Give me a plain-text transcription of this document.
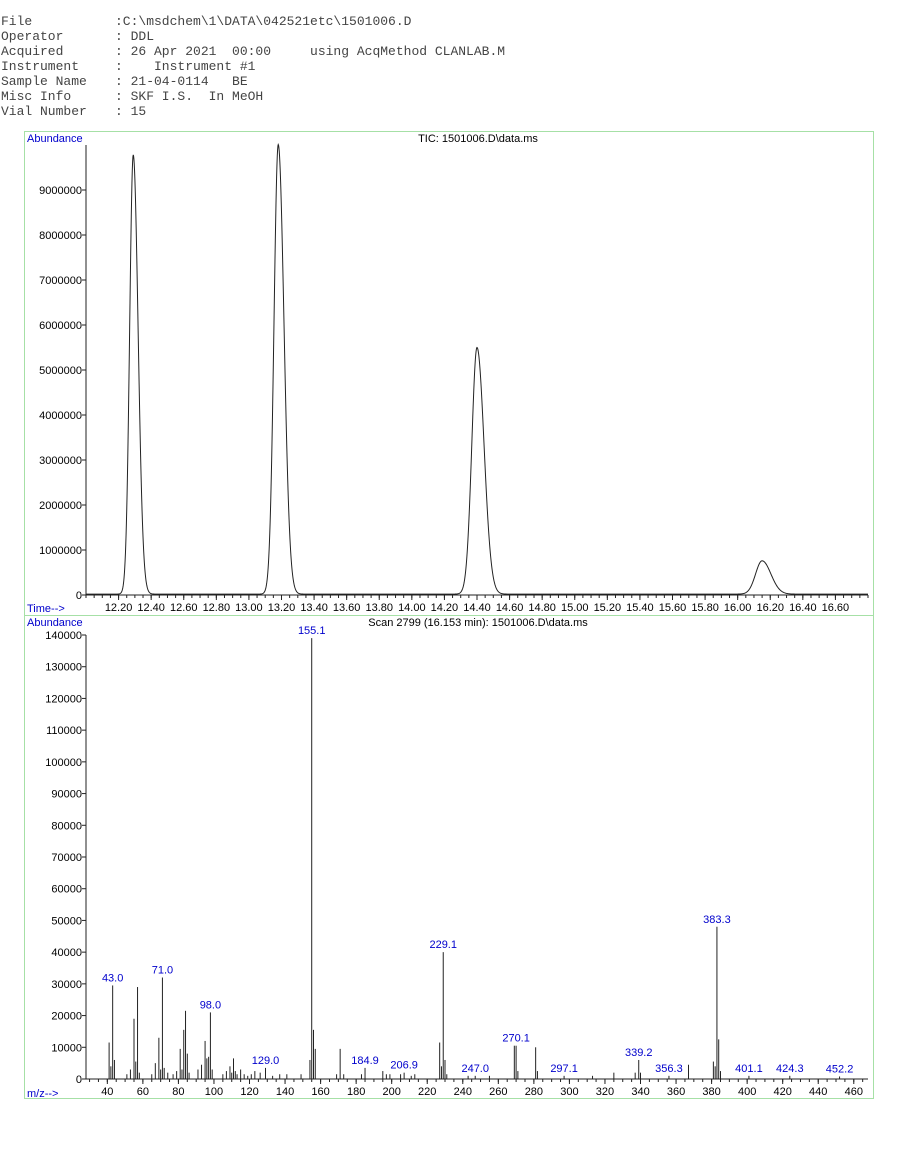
File	:C:\msdchem\1\DATA\042521etc\1501006.D
Operator	: DDL
Acquired	: 26 Apr 2021  00:00     using AcqMethod CLANLAB.M
Instrument	:    Instrument #1
Sample Name : 21-04-0114   BE
Misc Info	: SKF I.S.  In MeOH
Vial Number : 15
Abundance	TIC: 1501006.D\data.ms
Time-->
0
1000000
2000000
3000000
4000000
5000000
6000000
7000000
8000000
9000000
12.20 12.40 12.60 12.80 13.00 13.20 13.40 13.60 13.80 14.00 14.20 14.40 14.60 14.80 15.00 15.20 15.40 15.60 15.80 16.00 16.20 16.40 16.60
Abundance	Scan 2799 (16.153 min): 1501006.D\data.ms
m/z-->
0
10000
20000
30000
40000
50000
60000
70000
80000
90000
100000
110000
120000
130000
140000
40 60 80 100 120 140 160 180 200 220 240 260 280 300 320 340 360 380 400 420 440 460
43.0
71.0
98.0
129.0
155.1
184.9 206.9
229.1
247.0
270.1
297.1
339.2
356.3
383.3
401.1 424.3 452.2
